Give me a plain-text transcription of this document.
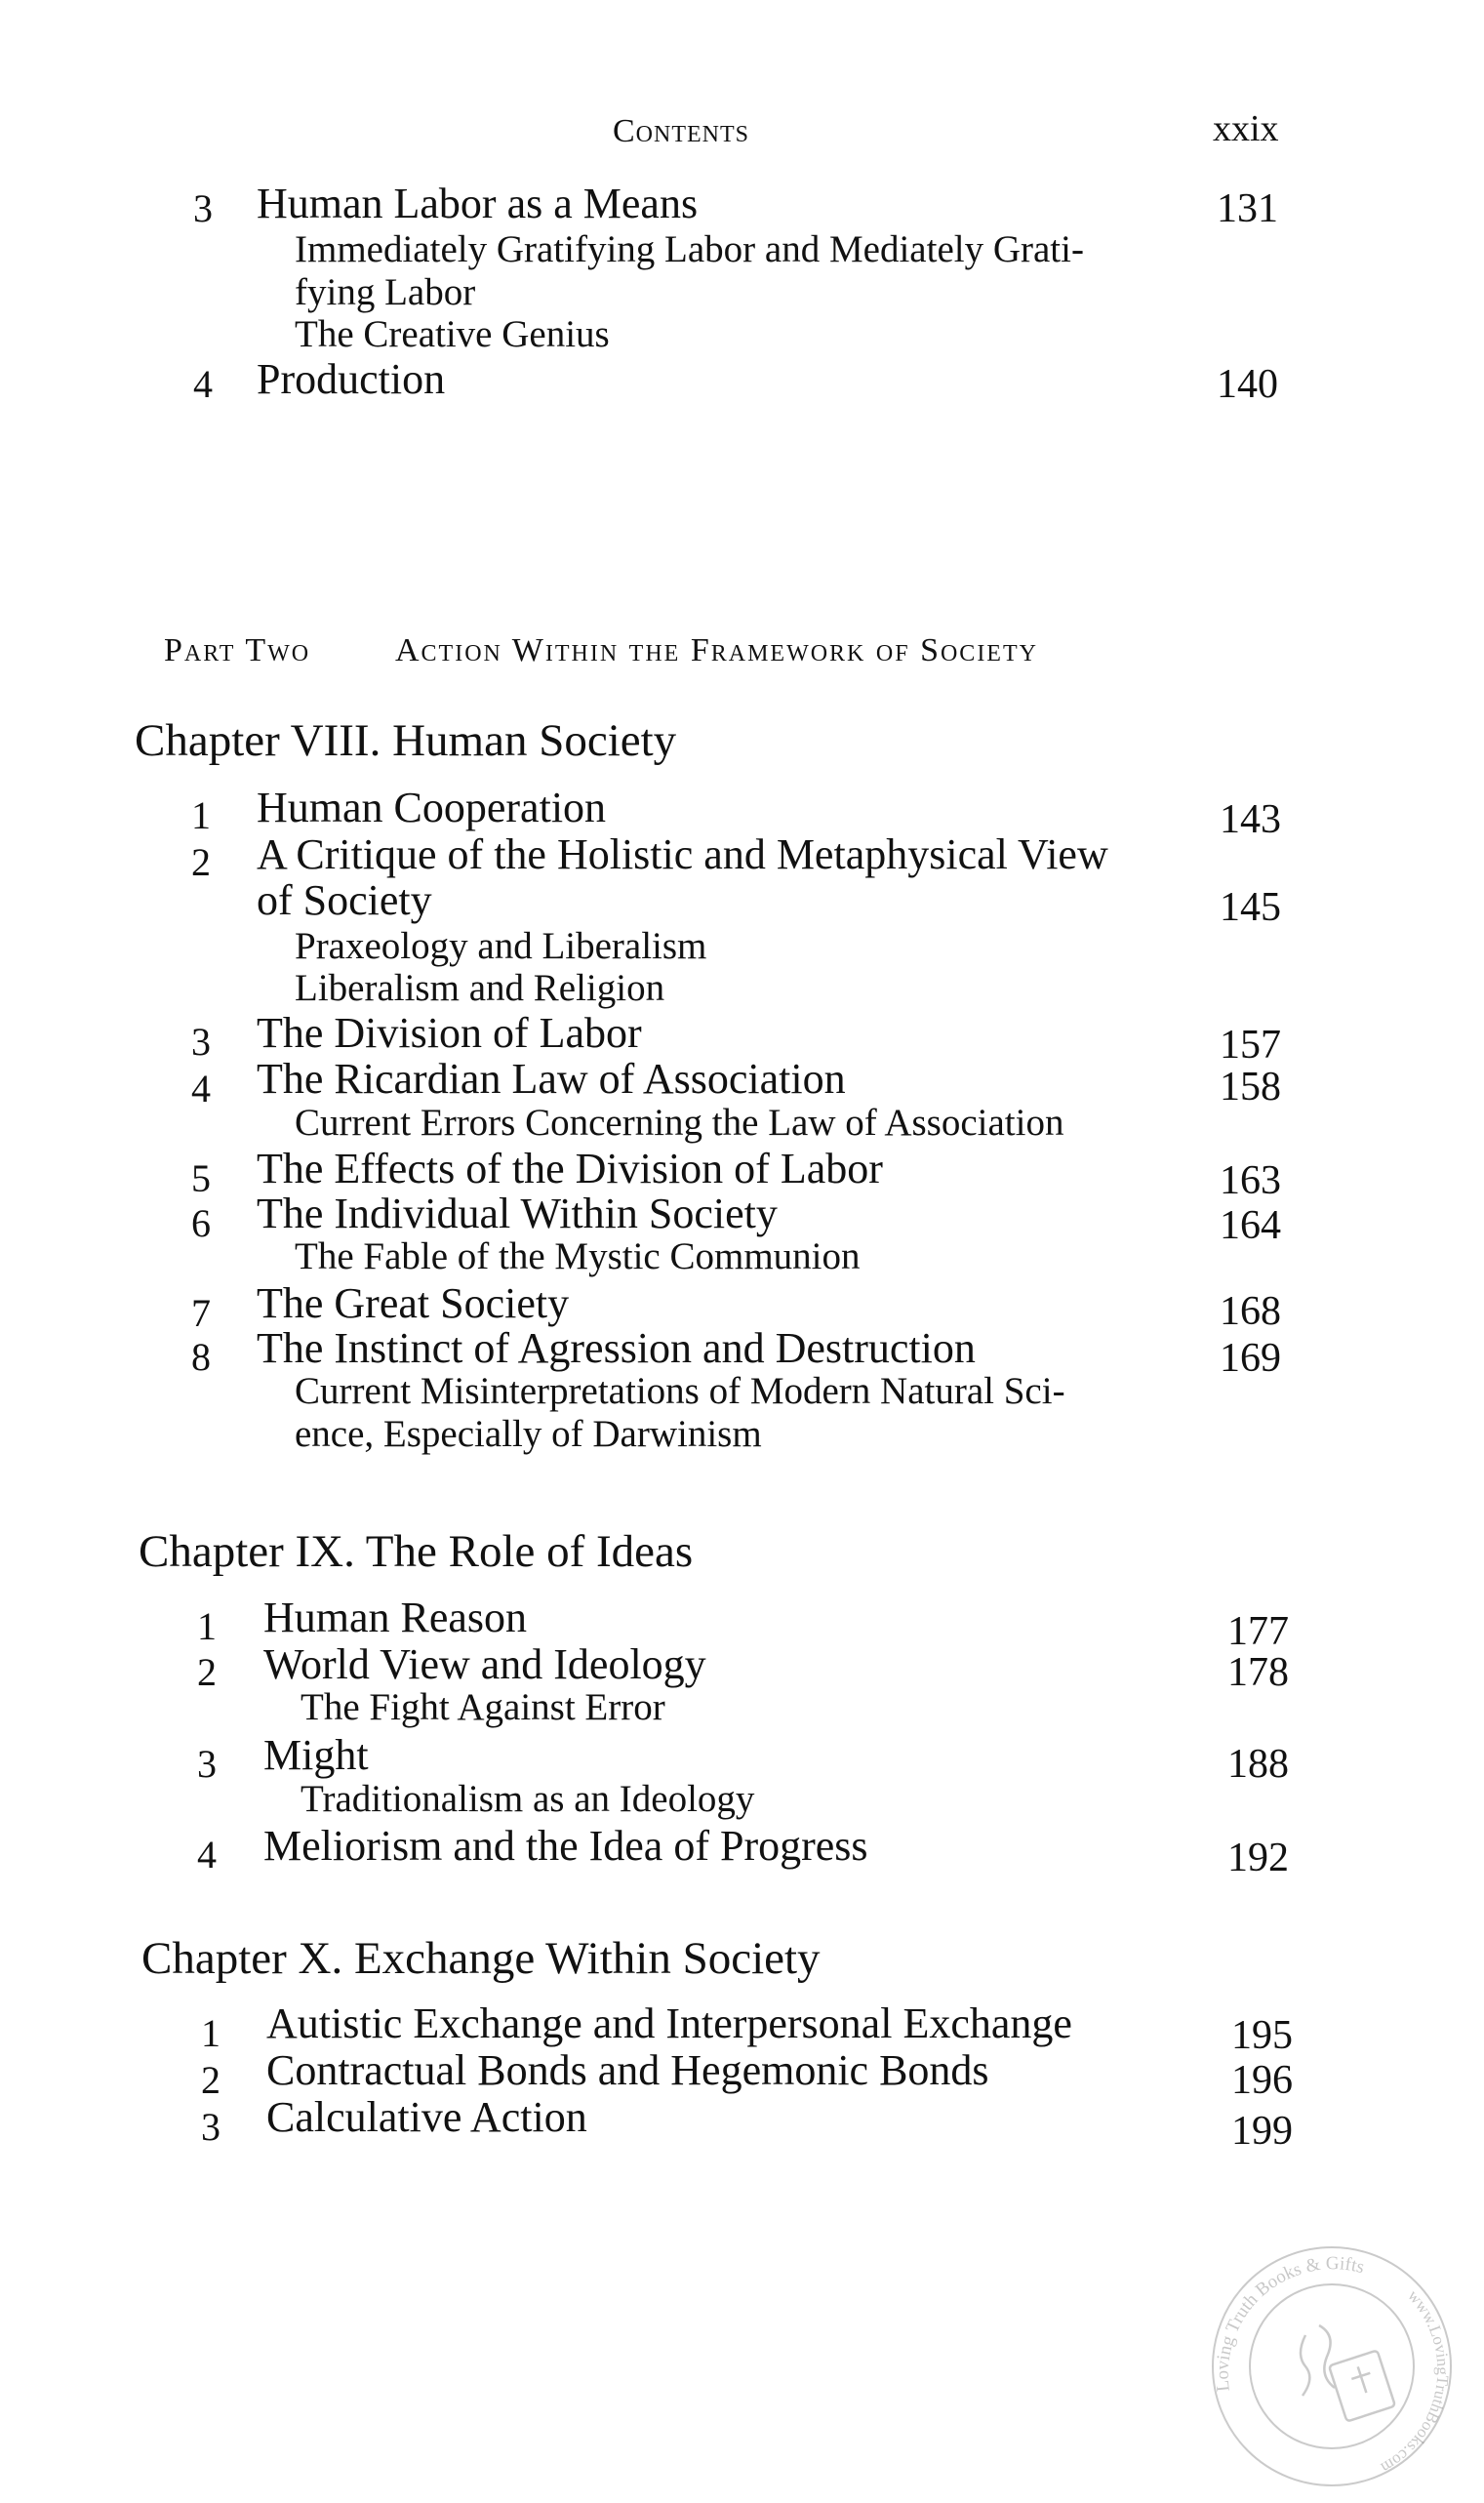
Contents	xxix
3 Human Labor as a Means	131
Immediately Gratifying Labor and Mediately Grati-
fying Labor
The Creative Genius
4 Production	140
Part Two	Action Within the Framework of Society
Chapter VIII. Human Society
1 Human Cooperation	143
2 A Critique of the Holistic and Metaphysical View
of Society	145
Praxeology and Liberalism
Liberalism and Religion
3 The Division of Labor	157
4 The Ricardian Law of Association	158
Current Errors Concerning the Law of Association
5 The Effects of the Division of Labor	163
6 The Individual Within Society	164
The Fable of the Mystic Communion
7 The Great Society	168
8 The Instinct of Agression and Destruction	169
Current Misinterpretations of Modern Natural Sci-
ence, Especially of Darwinism
Chapter IX. The Role of Ideas
1 Human Reason	177
2 World View and Ideology	178
The Fight Against Error
3 Might	188
Traditionalism as an Ideology
4 Meliorism and the Idea of Progress	192
Chapter X. Exchange Within Society
1 Autistic Exchange and Interpersonal Exchange	195
2 Contractual Bonds and Hegemonic Bonds	196
3 Calculative Action	199
Loving Truth Books & Gifts
www.LovingTruthBooks.com
